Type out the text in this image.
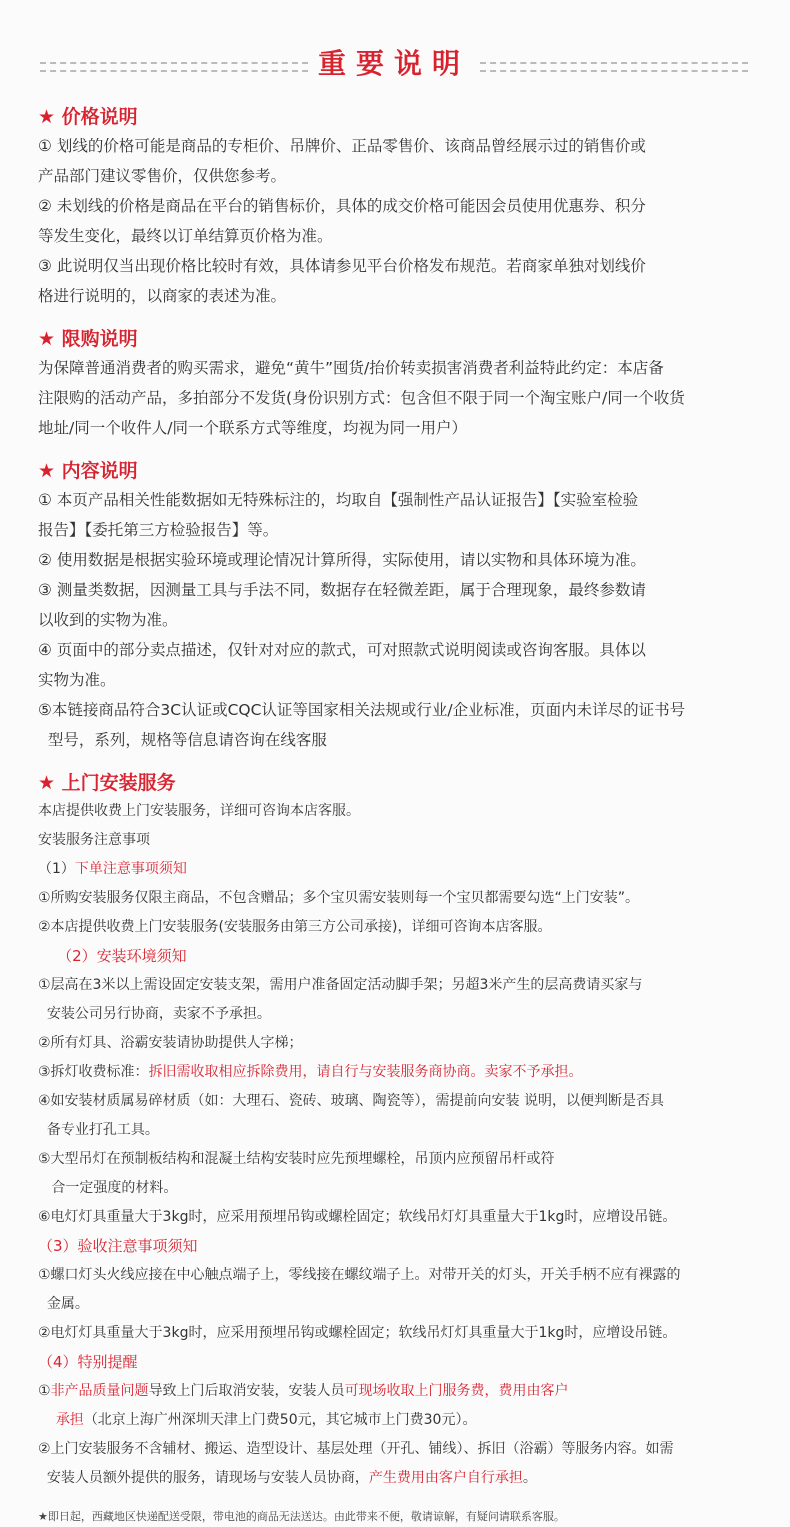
重要说明

★ 价格说明

① 划线的价格可能是商品的专柜价、吊牌价、正品零售价、该商品曾经展示过的销售价或

产品部门建议零售价，仅供您参考。

② 未划线的价格是商品在平台的销售标价，具体的成交价格可能因会员使用优惠券、积分

等发生变化，最终以订单结算页价格为准。

③ 此说明仅当出现价格比较时有效，具体请参见平台价格发布规范。若商家单独对划线价

格进行说明的，以商家的表述为准。

★ 限购说明

为保障普通消费者的购买需求，避免“黄牛”囤货/抬价转卖损害消费者利益特此约定：本店备

注限购的活动产品，多拍部分不发货(身份识别方式：包含但不限于同一个淘宝账户/同一个收货

地址/同一个收件人/同一个联系方式等维度，均视为同一用户）

★ 内容说明

① 本页产品相关性能数据如无特殊标注的，均取自【强制性产品认证报告】【实验室检验

报告】【委托第三方检验报告】等。

② 使用数据是根据实验环境或理论情况计算所得，实际使用，请以实物和具体环境为准。

③ 测量类数据，因测量工具与手法不同，数据存在轻微差距，属于合理现象，最终参数请

以收到的实物为准。

④ 页面中的部分卖点描述，仅针对对应的款式，可对照款式说明阅读或咨询客服。具体以

实物为准。

⑤本链接商品符合3C认证或CQC认证等国家相关法规或行业/企业标准，页面内未详尽的证书号

型号，系列，规格等信息请咨询在线客服

★ 上门安装服务

本店提供收费上门安装服务，详细可咨询本店客服。

安装服务注意事项

（1）下单注意事项须知

①所购安装服务仅限主商品，不包含赠品；多个宝贝需安装则每一个宝贝都需要勾选“上门安装”。

②本店提供收费上门安装服务(安装服务由第三方公司承接)，详细可咨询本店客服。

（2）安装环境须知

①层高在3米以上需设固定安装支架，需用户准备固定活动脚手架；另超3米产生的层高费请买家与

安装公司另行协商，卖家不予承担。

②所有灯具、浴霸安装请协助提供人字梯；

③拆灯收费标准：拆旧需收取相应拆除费用，请自行与安装服务商协商。卖家不予承担。

④如安装材质属易碎材质（如：大理石、瓷砖、玻璃、陶瓷等），需提前向安装 说明，以便判断是否具

备专业打孔工具。

⑤大型吊灯在预制板结构和混凝土结构安装时应先预埋螺栓，吊顶内应预留吊杆或符

合一定强度的材料。

⑥电灯灯具重量大于3kg时，应采用预埋吊钩或螺栓固定；软线吊灯灯具重量大于1kg时，应增设吊链。

（3）验收注意事项须知

①螺口灯头火线应接在中心触点端子上，零线接在螺纹端子上。对带开关的灯头，开关手柄不应有裸露的

金属。

②电灯灯具重量大于3kg时，应采用预埋吊钩或螺栓固定；软线吊灯灯具重量大于1kg时，应增设吊链。

（4）特别提醒

①非产品质量问题导致上门后取消安装，安装人员可现场收取上门服务费，费用由客户

承担（北京上海广州深圳天津上门费50元，其它城市上门费30元）。

②上门安装服务不含辅材、搬运、造型设计、基层处理（开孔、铺线）、拆旧（浴霸）等服务内容。如需

安装人员额外提供的服务，请现场与安装人员协商，产生费用由客户自行承担。

★即日起，西藏地区快递配送受限，带电池的商品无法送达。由此带来不便，敬请谅解，有疑问请联系客服。
